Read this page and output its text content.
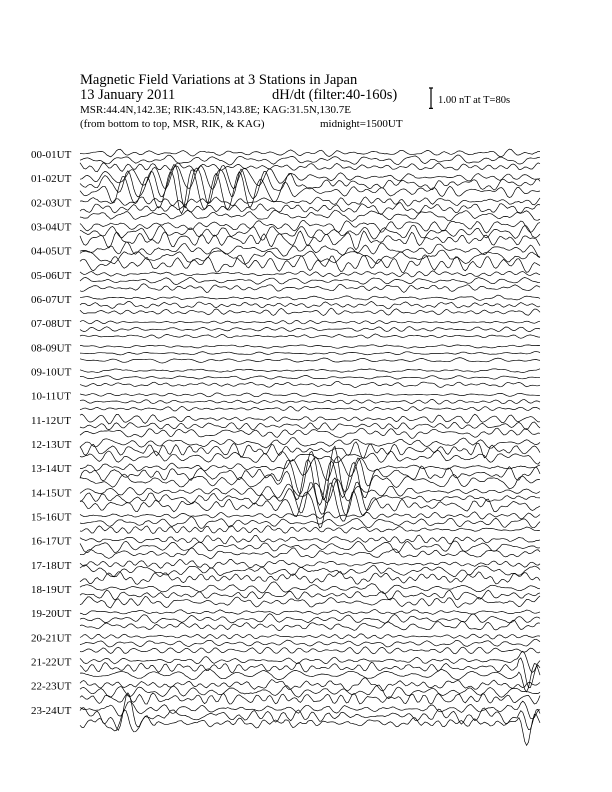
Magnetic Field Variations at 3 Stations in Japan
13 January 2011	dH/dt (filter:40-160s)
MSR:44.4N,142.3E; RIK:43.5N,143.8E; KAG:31.5N,130.7E
(from bottom to top, MSR, RIK, & KAG)	midnight=1500UT
1.00 nT at T=80s
00-01UT
01-02UT
02-03UT
03-04UT
04-05UT
05-06UT
06-07UT
07-08UT
08-09UT
09-10UT
10-11UT
11-12UT
12-13UT
13-14UT
14-15UT
15-16UT
16-17UT
17-18UT
18-19UT
19-20UT
20-21UT
21-22UT
22-23UT
23-24UT
